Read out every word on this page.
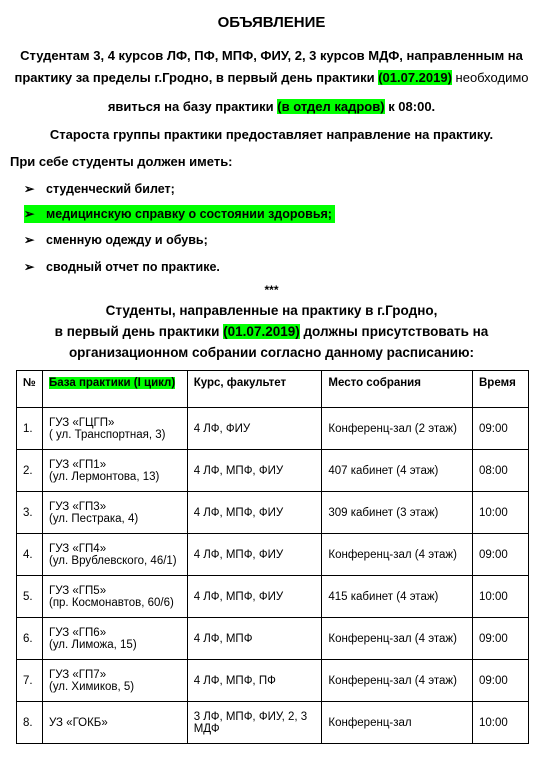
ОБЪЯВЛЕНИЕ
Студентам 3, 4 курсов ЛФ, ПФ, МПФ, ФИУ, 2, 3 курсов МДФ, направленным на
практику за пределы г.Гродно, в первый день практики (01.07.2019) необходимо
явиться на базу практики (в отдел кадров) к 08:00.
Староста группы практики предоставляет направление на практику.
При себе студенты должен иметь:
➢ студенческий билет;
➢ медицинскую справку о состоянии здоровья;
➢ сменную одежду и обувь;
➢ сводный отчет по практике.
***
Студенты, направленные на практику в г.Гродно,
в первый день практики (01.07.2019) должны присутствовать на
организационном собрании согласно данному расписанию:
№	База практики (I цикл)	Курс, факультет	Место собрания	Время
1.	ГУЗ «ГЦГП»
( ул. Транспортная, 3)	4 ЛФ, ФИУ	Конференц-зал (2 этаж)	09:00
2.	ГУЗ «ГП1»
(ул. Лермонтова, 13)	4 ЛФ, МПФ, ФИУ	407 кабинет (4 этаж)	08:00
3.	ГУЗ «ГП3»
(ул. Пестрака, 4)	4 ЛФ, МПФ, ФИУ	309 кабинет (3 этаж)	10:00
4.	ГУЗ «ГП4»
(ул. Врублевского, 46/1)	4 ЛФ, МПФ, ФИУ	Конференц-зал (4 этаж)	09:00
5.	ГУЗ «ГП5»
(пр. Космонавтов, 60/6)	4 ЛФ, МПФ, ФИУ	415 кабинет (4 этаж)	10:00
6.	ГУЗ «ГП6»
(ул. Лиможа, 15)	4 ЛФ, МПФ	Конференц-зал (4 этаж)	09:00
7.	ГУЗ «ГП7»
(ул. Химиков, 5)	4 ЛФ, МПФ, ПФ	Конференц-зал (4 этаж)	09:00
8.	УЗ «ГОКБ»	3 ЛФ, МПФ, ФИУ, 2, 3 МДФ	Конференц-зал	10:00
